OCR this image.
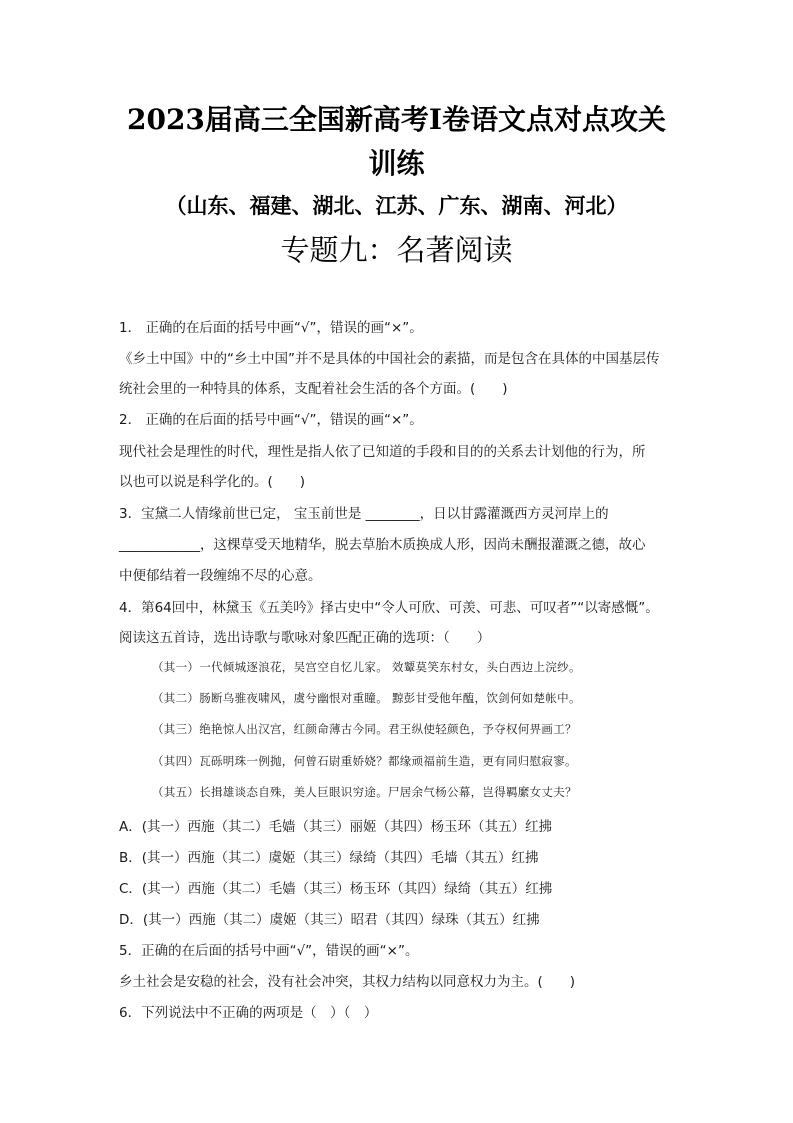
2023届高三全国新高考Ⅰ卷语文点对点攻关
训练
（山东、福建、湖北、江苏、广东、湖南、河北）
专题九：名著阅读
1． 正确的在后面的括号中画“√”，错误的画“×”。
《乡土中国》中的“乡土中国”并不是具体的中国社会的素描，而是包含在具体的中国基层传
统社会里的一种特具的体系，支配着社会生活的各个方面。(　　)
2． 正确的在后面的括号中画“√”，错误的画“×”。
现代社会是理性的时代，理性是指人依了已知道的手段和目的的关系去计划他的行为，所
以也可以说是科学化的。(　　)
3．宝黛二人情缘前世已定， 宝玉前世是 ________，日以甘露灌溉西方灵河岸上的
____________，这棵草受天地精华，脱去草胎木质换成人形，因尚未酬报灌溉之德，故心
中便郁结着一段缠绵不尽的心意。
4．第64回中，林黛玉《五美吟》择古史中“令人可欣、可羡、可悲、可叹者”“以寄感慨”。
阅读这五首诗，选出诗歌与歌咏对象匹配正确的选项：（　　）
（其一）一代倾城逐浪花，吴宫空自忆儿家。 效颦莫笑东村女，头白西边上浣纱。
（其二）肠断乌骓夜啸风，虞兮幽恨对重瞳。 黥彭甘受他年醢，饮剑何如楚帐中。
（其三）绝艳惊人出汉宫，红颜命薄古今同。君王纵使轻颜色，予夺权何畀画工？
（其四）瓦砾明珠一例抛，何曾石尉重娇娆？都缘顽福前生造，更有同归慰寂寥。
（其五）长揖雄谈态自殊，美人巨眼识穷途。尸居余气杨公幕，岂得羁縻女丈夫？
A．(其一）西施（其二）毛嫱（其三）丽姬（其四）杨玉环（其五）红拂
B．(其一）西施（其二）虞姬（其三）绿绮（其四）毛墙（其五）红拂
C．(其一）西施（其二）毛嫱（其三）杨玉环（其四）绿绮（其五）红拂
D．(其一）西施（其二）虞姬（其三）昭君（其四）绿珠（其五）红拂
5．正确的在后面的括号中画“√”，错误的画“×”。
乡土社会是安稳的社会，没有社会冲突，其权力结构以同意权力为主。(　　)
6．下列说法中不正确的两项是（　）（　）
